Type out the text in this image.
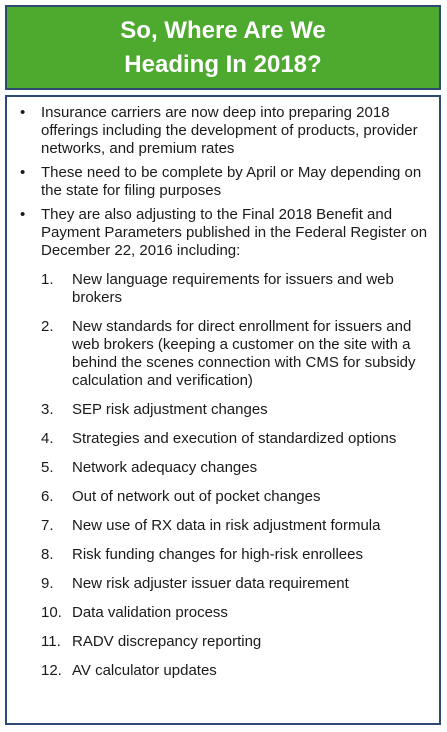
So, Where Are We
Heading In 2018?
• Insurance carriers are now deep into preparing 2018 offerings including the development of products, provider networks, and premium rates
• These need to be complete by April or May depending on the state for filing purposes
• They are also adjusting to the Final 2018 Benefit and Payment Parameters published in the Federal Register on December 22, 2016 including:
1.	New language requirements for issuers and web brokers
2.	New standards for direct enrollment for issuers and web brokers (keeping a customer on the site with a behind the scenes connection with CMS for subsidy calculation and verification)
3.	SEP risk adjustment changes
4.	Strategies and execution of standardized options
5.	Network adequacy changes
6.	Out of network out of pocket changes
7.	New use of RX data in risk adjustment formula
8.	Risk funding changes for high-risk enrollees
9.	New risk adjuster issuer data requirement
10. Data validation process
11. RADV discrepancy reporting
12. AV calculator updates
